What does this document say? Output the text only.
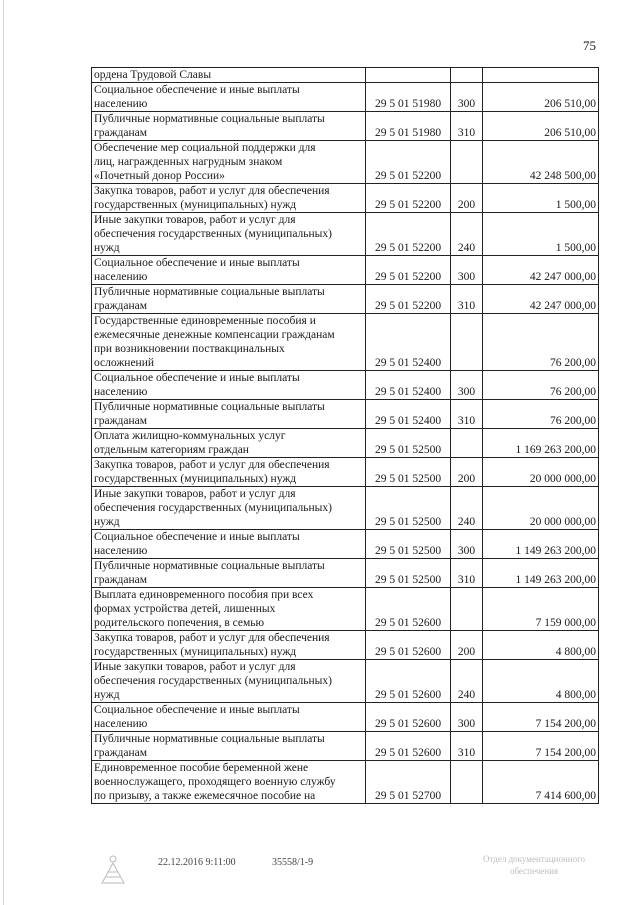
75
ордена Трудовой Славы			
Социальное обеспечение и иные выплаты
населению	29 5 01 51980	300	206 510,00
Публичные нормативные социальные выплаты
гражданам	29 5 01 51980	310	206 510,00
Обеспечение мер социальной поддержки для
лиц, награжденных нагрудным знаком
«Почетный донор России»	29 5 01 52200		42 248 500,00
Закупка товаров, работ и услуг для обеспечения
государственных (муниципальных) нужд	29 5 01 52200	200	1 500,00
Иные закупки товаров, работ и услуг для
обеспечения государственных (муниципальных)
нужд	29 5 01 52200	240	1 500,00
Социальное обеспечение и иные выплаты
населению	29 5 01 52200	300	42 247 000,00
Публичные нормативные социальные выплаты
гражданам	29 5 01 52200	310	42 247 000,00
Государственные единовременные пособия и
ежемесячные денежные компенсации гражданам
при возникновении поствакцинальных
осложнений	29 5 01 52400		76 200,00
Социальное обеспечение и иные выплаты
населению	29 5 01 52400	300	76 200,00
Публичные нормативные социальные выплаты
гражданам	29 5 01 52400	310	76 200,00
Оплата жилищно-коммунальных услуг
отдельным категориям граждан	29 5 01 52500		1 169 263 200,00
Закупка товаров, работ и услуг для обеспечения
государственных (муниципальных) нужд	29 5 01 52500	200	20 000 000,00
Иные закупки товаров, работ и услуг для
обеспечения государственных (муниципальных)
нужд	29 5 01 52500	240	20 000 000,00
Социальное обеспечение и иные выплаты
населению	29 5 01 52500	300	1 149 263 200,00
Публичные нормативные социальные выплаты
гражданам	29 5 01 52500	310	1 149 263 200,00
Выплата единовременного пособия при всех
формах устройства детей, лишенных
родительского попечения, в семью	29 5 01 52600		7 159 000,00
Закупка товаров, работ и услуг для обеспечения
государственных (муниципальных) нужд	29 5 01 52600	200	4 800,00
Иные закупки товаров, работ и услуг для
обеспечения государственных (муниципальных)
нужд	29 5 01 52600	240	4 800,00
Социальное обеспечение и иные выплаты
населению	29 5 01 52600	300	7 154 200,00
Публичные нормативные социальные выплаты
гражданам	29 5 01 52600	310	7 154 200,00
Единовременное пособие беременной жене
военнослужащего, проходящего военную службу
по призыву, а также ежемесячное пособие на	29 5 01 52700		7 414 600,00
22.12.2016 9:11:00	35558/1-9	Отдел документационного
обеспечения
